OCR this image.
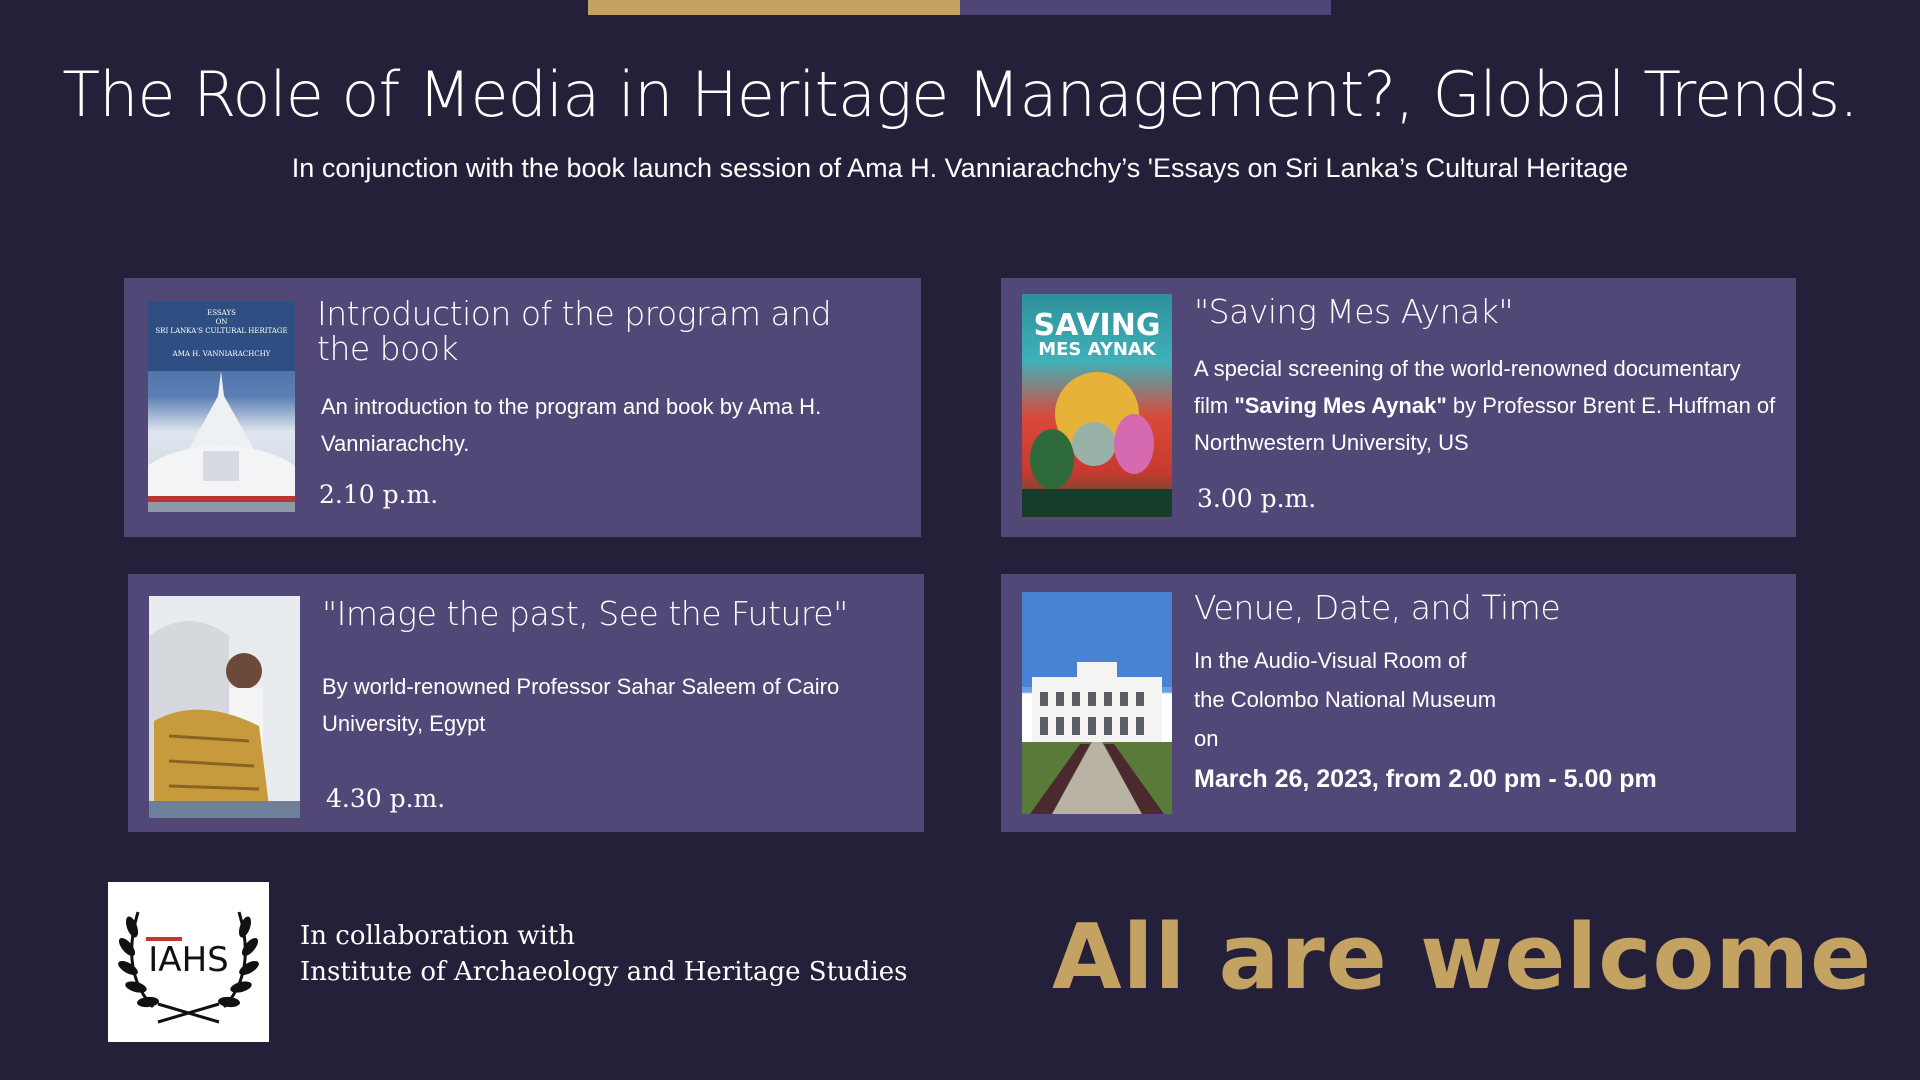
The Role of Media in Heritage Management?, Global Trends.
In conjunction with the book launch session of Ama H. Vanniarachchy’s 'Essays on Sri Lanka’s Cultural Heritage
ESSAYS
ON
SRI LANKA'S CULTURAL HERITAGE
AMA H. VANNIARACHCHY
Introduction of the program and the book
An introduction to the program and book by Ama H. Vanniarachchy.
2.10 p.m.
SAVING
MES AYNAK
"Saving Mes Aynak"
A special screening of the world-renowned documentary film "Saving Mes Aynak" by Professor Brent E. Huffman of Northwestern University, US
3.00 p.m.
"Image the past, See the Future"
By world-renowned Professor Sahar Saleem of Cairo University, Egypt
4.30 p.m.
Venue, Date, and Time
In the Audio-Visual Room of
the Colombo National Museum
on
March 26, 2023, from 2.00 pm - 5.00 pm
IAHS
In collaboration with
Institute of Archaeology and Heritage Studies All are welcome
